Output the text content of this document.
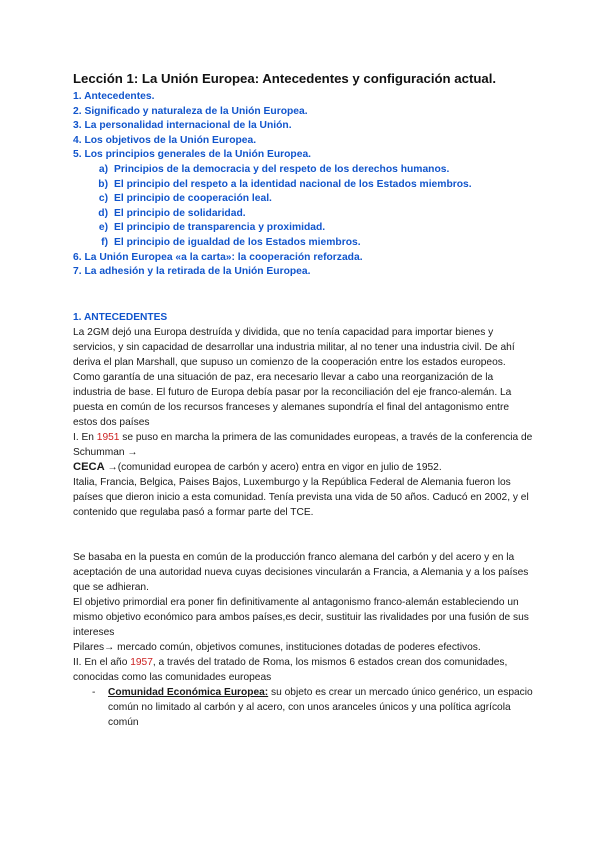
Lección 1: La Unión Europea: Antecedentes y configuración actual.
1. Antecedentes.
2. Significado y naturaleza de la Unión Europea.
3. La personalidad internacional de la Unión.
4. Los objetivos de la Unión Europea.
5. Los principios generales de la Unión Europea.
a) Principios de la democracia y del respeto de los derechos humanos.
b) El principio del respeto a la identidad nacional de los Estados miembros.
c) El principio de cooperación leal.
d) El principio de solidaridad.
e) El principio de transparencia y proximidad.
f) El principio de igualdad de los Estados miembros.
6. La Unión Europea «a la carta»: la cooperación reforzada.
7. La adhesión y la retirada de la Unión Europea.
1. ANTECEDENTES

La 2GM dejó una Europa destruída y dividida, que no tenía capacidad para importar bienes y servicios, y sin capacidad de desarrollar una industria militar, al no tener una industria civil. De ahí deriva el plan Marshall, que supuso un comienzo de la cooperación entre los estados europeos.

Como garantía de una situación de paz, era necesario llevar a cabo una reorganización de la industria de base. El futuro de Europa debía pasar por la reconciliación del eje franco-alemán. La puesta en común de los recursos franceses y alemanes supondría el final del antagonismo entre estos dos países

I. En 1951 se puso en marcha la primera de las comunidades europeas, a través de la conferencia de Schumman →

CECA →(comunidad europea de carbón y acero) entra en vigor en julio de 1952.

Italia, Francia, Belgica, Paises Bajos, Luxemburgo y la República Federal de Alemania fueron los países que dieron inicio a esta comunidad. Tenía prevista una vida de 50 años. Caducó en 2002, y el contenido que regulaba pasó a formar parte del TCE.

Se basaba en la puesta en común de la producción franco alemana del carbón y del acero y en la aceptación de una autoridad nueva cuyas decisiones vincularán a Francia, a Alemania y a los países que se adhieran.

El objetivo primordial era poner fin definitivamente al antagonismo franco-alemán estableciendo un mismo objetivo económico para ambos países,es decir, sustituir las rivalidades por una fusión de sus intereses

Pilares→ mercado común, objetivos comunes, instituciones dotadas de poderes efectivos.

II. En el año 1957, a través del tratado de Roma, los mismos 6 estados crean dos comunidades, conocidas como las comunidades europeas

- Comunidad Económica Europea: su objeto es crear un mercado único genérico, un espacio común no limitado al carbón y al acero, con unos aranceles únicos y una política agrícola común
